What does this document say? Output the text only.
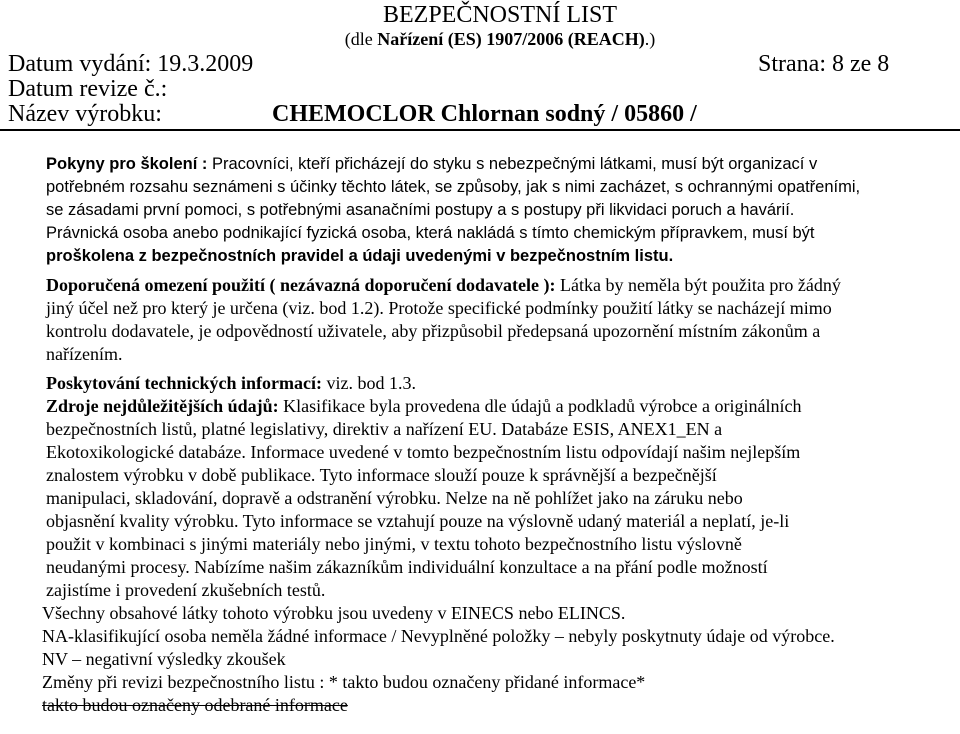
BEZPEČNOSTNÍ LIST
(dle Nařízení (ES) 1907/2006 (REACH).)
Datum vydání: 19.3.2009	Strana: 8 ze 8
Datum revize č.:
Název výrobku:	CHEMOCLOR Chlornan sodný / 05860 /
Pokyny pro školení : Pracovníci, kteří přicházejí do styku s nebezpečnými látkami, musí být organizací v
potřebném rozsahu seznámeni s účinky těchto látek, se způsoby, jak s nimi zacházet, s ochrannými opatřeními,
se zásadami první pomoci, s potřebnými asanačními postupy a s postupy při likvidaci poruch a havárií.
Právnická osoba anebo podnikající fyzická osoba, která nakládá s tímto chemickým přípravkem, musí být
proškolena z bezpečnostních pravidel a údaji uvedenými v bezpečnostním listu.
Doporučená omezení použití ( nezávazná doporučení dodavatele ): Látka by neměla být použita pro žádný
jiný účel než pro který je určena (viz. bod 1.2). Protože specifické podmínky použití látky se nacházejí mimo
kontrolu dodavatele, je odpovědností uživatele, aby přizpůsobil předepsaná upozornění místním zákonům a
nařízením.
Poskytování technických informací: viz. bod 1.3.
Zdroje nejdůležitějších údajů: Klasifikace byla provedena dle údajů a podkladů výrobce a originálních
bezpečnostních listů, platné legislativy, direktiv a nařízení EU. Databáze ESIS, ANEX1_EN a
Ekotoxikologické databáze. Informace uvedené v tomto bezpečnostním listu odpovídají našim nejlepším
znalostem výrobku v době publikace. Tyto informace slouží pouze k správnější a bezpečnější
manipulaci, skladování, dopravě a odstranění výrobku. Nelze na ně pohlížet jako na záruku nebo
objasnění kvality výrobku. Tyto informace se vztahují pouze na výslovně udaný materiál a neplatí, je-li
použit v kombinaci s jinými materiály nebo jinými, v textu tohoto bezpečnostního listu výslovně
neudanými procesy. Nabízíme našim zákazníkům individuální konzultace a na přání podle možností
zajistíme i provedení zkušebních testů.
Všechny obsahové látky tohoto výrobku jsou uvedeny v EINECS nebo ELINCS.
NA-klasifikující osoba neměla žádné informace / Nevyplněné položky – nebyly poskytnuty údaje od výrobce.
NV – negativní výsledky zkoušek
Změny při revizi bezpečnostního listu : * takto budou označeny přidané informace*
takto budou označeny odebrané informace
